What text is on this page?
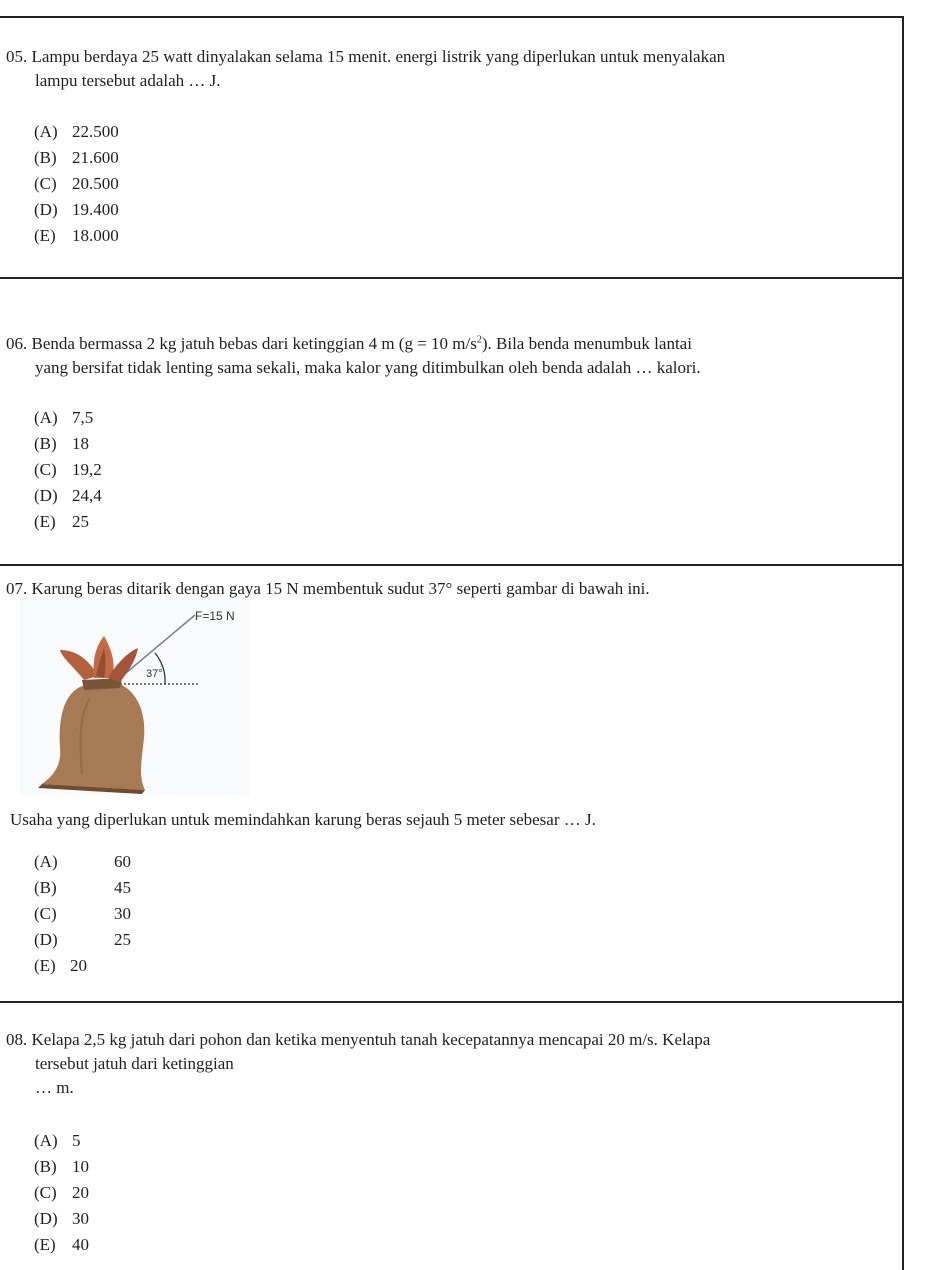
05. Lampu berdaya 25 watt dinyalakan selama 15 menit. energi listrik yang diperlukan untuk menyalakan
lampu tersebut adalah … J.
(A) 22.500
(B) 21.600
(C) 20.500
(D) 19.400
(E) 18.000
06. Benda bermassa 2 kg jatuh bebas dari ketinggian 4 m (g = 10 $m/s^2$). Bila benda menumbuk lantai
yang bersifat tidak lenting sama sekali, maka kalor yang ditimbulkan oleh benda adalah … kalori.
(A) 7,5
(B) 18
(C) 19,2
(D) 24,4
(E) 25
07. Karung beras ditarik dengan gaya 15 N membentuk sudut 37° seperti gambar di bawah ini.
F=15 N
37°
Usaha yang diperlukan untuk memindahkan karung beras sejauh 5 meter sebesar … J.
(A)	60
(B)	45
(C)	30
(D)	25
(E) 20
08. Kelapa 2,5 kg jatuh dari pohon dan ketika menyentuh tanah kecepatannya mencapai 20 m/s. Kelapa
tersebut jatuh dari ketinggian
… m.
(A) 5
(B) 10
(C) 20
(D) 30
(E) 40
